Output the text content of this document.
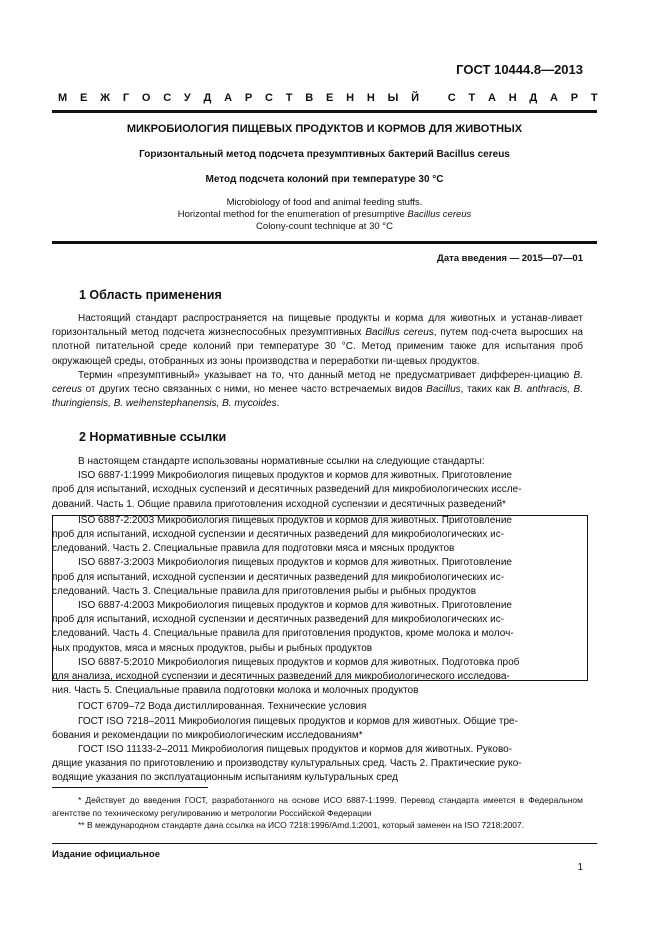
ГОСТ 10444.8—2013
М Е Ж Г О С У Д А Р С Т В Е Н Н Ы Й
	С Т А Н Д А Р Т
МИКРОБИОЛОГИЯ ПИЩЕВЫХ ПРОДУКТОВ И КОРМОВ ДЛЯ ЖИВОТНЫХ
Горизонтальный метод подсчета презумптивных бактерий Bacillus cereus
Метод подсчета колоний при температуре 30 °С
Microbiology of food and animal feeding stuffs.
Horizontal method for the enumeration of presumptive Bacillus cereus
Colony-count technique at 30 °C
Дата введения — 2015—07—01
1 Область применения

Настоящий стандарт распространяется на пищевые продукты и корма для животных и устанав-ливает горизонтальный метод подсчета жизнеспособных презумптивных Bacillus cereus, путем под-счета выросших на плотной питательной среде колоний при температуре 30 °С. Метод применим также для испытания проб окружающей среды, отобранных из зоны производства и переработки пи-щевых продуктов.

Термин «презумптивный» указывает на то, что данный метод не предусматривает дифферен-циацию B. cereus от других тесно связанных с ними, но менее часто встречаемых видов Bacillus, таких как B. anthracis, B. thuringiensis, B. weihenstephanensis, B. mycoides.

2 Нормативные ссылки

В настоящем стандарте использованы нормативные ссылки на следующие стандарты:

ISO 6887-1:1999 Микробиология пищевых продуктов и кормов для животных. Приготовление
проб для испытаний, исходных суспензий и десятичных разведений для микробиологических иссле-
дований. Часть 1. Общие правила приготовления исходной суспензии и десятичных разведений*
ISO 6887-2:2003 Микробиология пищевых продуктов и кормов для животных. Приготовление
проб для испытаний, исходной суспензии и десятичных разведений для микробиологических ис-
следований. Часть 2. Специальные правила для подготовки мяса и мясных продуктов
ISO 6887-3:2003 Микробиология пищевых продуктов и кормов для животных. Приготовление
проб для испытаний, исходной суспензии и десятичных разведений для микробиологических ис-
следований. Часть 3. Специальные правила для приготовления рыбы и рыбных продуктов
ISO 6887-4:2003 Микробиология пищевых продуктов и кормов для животных. Приготовление
проб для испытаний, исходной суспензии и десятичных разведений для микробиологических ис-
следований. Часть 4. Специальные правила для приготовления продуктов, кроме молока и молоч-
ных продуктов, мяса и мясных продуктов, рыбы и рыбных продуктов
ISO 6887-5:2010 Микробиология пищевых продуктов и кормов для животных. Подготовка проб
для анализа, исходной суспензии и десятичных разведений для микробиологического исследова-
ния. Часть 5. Специальные правила подготовки молока и молочных продуктов
ГОСТ 6709–72 Вода дистиллированная. Технические условия
ГОСТ ISO 7218–2011 Микробиология пищевых продуктов и кормов для животных. Общие тре-
бования и рекомендации по микробиологическим исследованиям*
ГОСТ ISO 11133-2–2011 Микробиология пищевых продуктов и кормов для животных. Руково-
дящие указания по приготовлению и производству культуральных сред. Часть 2. Практические руко-
водящие указания по эксплуатационным испытаниям культуральных сред

* Действует до введения ГОСТ, разработанного на основе ИСО 6887-1:1999. Перевод стандарта имеется в Федеральном агентстве по техническому регулированию и метрологии Российской Федерации

** В международном стандарте дана ссылка на ИСО 7218:1996/Amd.1:2001, который заменен на ISO 7218:2007.

Издание официальное
1
